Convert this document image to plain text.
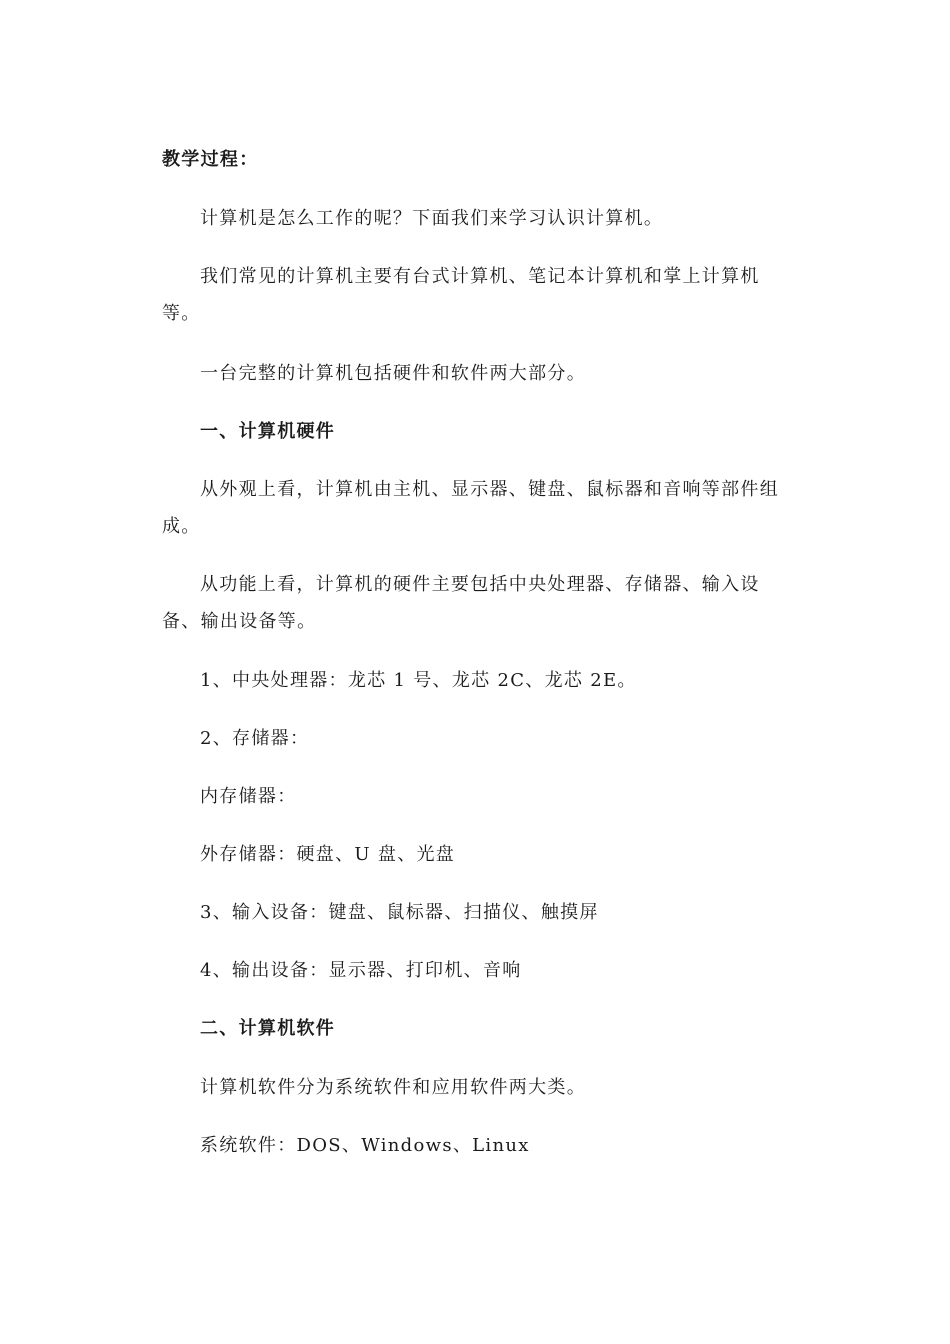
教学过程：
计算机是怎么工作的呢？下面我们来学习认识计算机。
我们常见的计算机主要有台式计算机、笔记本计算机和掌上计算机
等。
一台完整的计算机包括硬件和软件两大部分。
一、计算机硬件
从外观上看，计算机由主机、显示器、键盘、鼠标器和音响等部件组
成。
从功能上看，计算机的硬件主要包括中央处理器、存储器、输入设
备、输出设备等。
1、中央处理器：龙芯 1 号、龙芯 2C、龙芯 2E。
2、存储器：
内存储器：
外存储器：硬盘、U 盘、光盘
3、输入设备：键盘、鼠标器、扫描仪、触摸屏
4、输出设备：显示器、打印机、音响
二、计算机软件
计算机软件分为系统软件和应用软件两大类。
系统软件：DOS、Windows、Linux
